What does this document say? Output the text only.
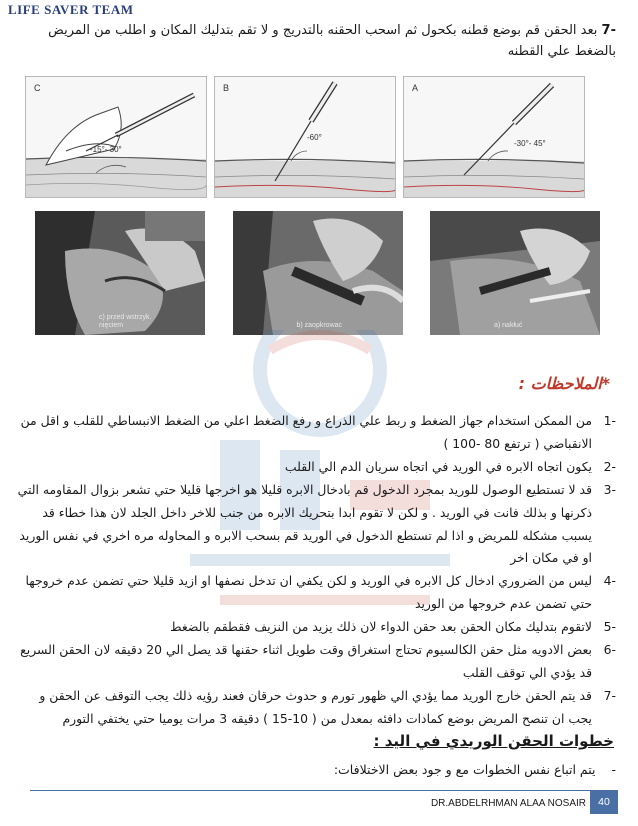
LIFE SAVER TEAM
-7 بعد الحقن قم بوضع قطنه بكحول ثم اسحب الحقنه بالتدريج و لا تقم بتدليك المكان و اطلب من المريض بالضغط علي القطنه
C
-15°- 30°
B
-60°
A
-30°- 45°
c) przed wstrzyk. nięciem	b) zaopkrowac	a) nakłuć
*الملاحظات :
-1
من الممكن استخدام جهاز الضغط و ربط علي الذراع و رفع الضغط اعلي من الضغط الانبساطي للقلب و اقل من الانقباضي ( ترتفع 80 -100 )
-2
يكون اتجاه الابره في الوريد في اتجاه سريان الدم الي القلب
-3
قد لا تستطيع الوصول للوريد بمجرد الدخول قم بادخال الابره قليلا هو اخرجها قليلا حتي تشعر بزوال المقاومه التي ذكرنها و بذلك فانت في الوريد . و لكن لا تقوم ابدا بتحريك الابره من جنب للاخر داخل الجلد لان هذا خطاء قد يسبب مشكله للمريض و اذا لم تستطع الدخول في الوريد قم بسحب الابره و المحاوله مره اخري في نفس الوريد او في مكان اخر
-4
ليس من الضروري ادخال كل الابره في الوريد و لكن يكفي ان تدخل نصفها او ازيد قليلا حتي تضمن عدم خروجها حتي تضمن عدم خروجها من الوريد
-5
لاتقوم بتدليك مكان الحقن بعد حقن الدواء لان ذلك يزيد من النزيف فقطقم بالضغط
-6
بعض الادويه مثل حقن الكالسيوم تحتاج استغراق وقت طويل اثناء حقنها قد يصل الي 20 دقيقه لان الحقن السريع قد يؤدي الي توقف القلب
-7
قد يتم الحقن خارج الوريد مما يؤدي الي ظهور تورم و حدوث حرقان فعند رؤيه ذلك يجب التوقف عن الحقن و يجب ان تنصح المريض بوضع كمادات دافئه بمعدل من ( 10-15 ) دقيقه 3 مرات يوميا حتي يختفي التورم
خطوات الحقن الوريدي في اليد :
- يتم اتباع نفس الخطوات مع و جود بعض الاختلافات:
DR.ABDELRHMAN ALAA NOSAIR	40
